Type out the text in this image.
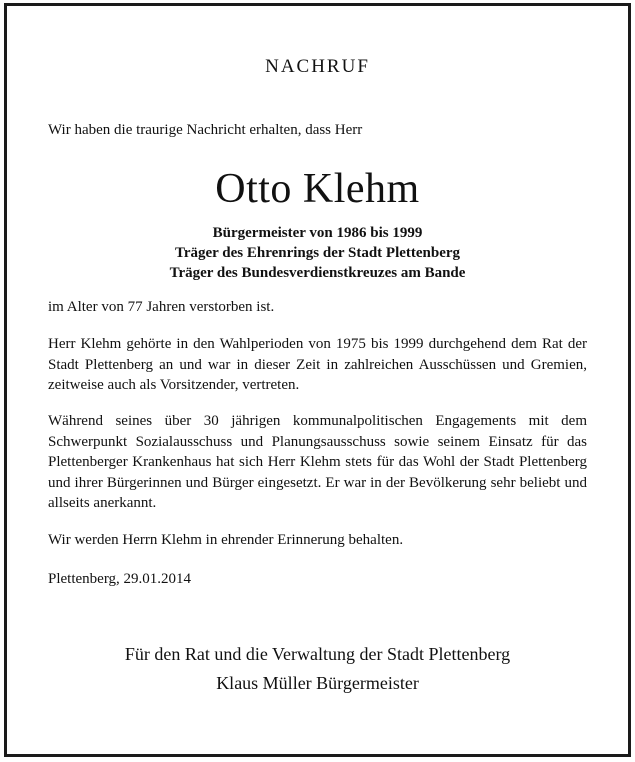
NACHRUF
Wir haben die traurige Nachricht erhalten, dass Herr
Otto Klehm
Bürgermeister von 1986 bis 1999
Träger des Ehrenrings der Stadt Plettenberg
Träger des Bundesverdienstkreuzes am Bande
im Alter von 77 Jahren verstorben ist.
Herr Klehm gehörte in den Wahlperioden von 1975 bis 1999 durchgehend dem Rat der Stadt Plettenberg an und war in dieser Zeit in zahlreichen Ausschüssen und Gremien, zeitweise auch als Vorsitzender, vertreten.
Während seines über 30 jährigen kommunalpolitischen Engagements mit dem Schwerpunkt Sozialausschuss und Planungsausschuss sowie seinem Einsatz für das Plettenberger Krankenhaus hat sich Herr Klehm stets für das Wohl der Stadt Plettenberg und ihrer Bürgerinnen und Bürger eingesetzt. Er war in der Bevölkerung sehr beliebt und allseits anerkannt.
Wir werden Herrn Klehm in ehrender Erinnerung behalten.
Plettenberg, 29.01.2014
Für den Rat und die Verwaltung der Stadt Plettenberg
Klaus Müller Bürgermeister
